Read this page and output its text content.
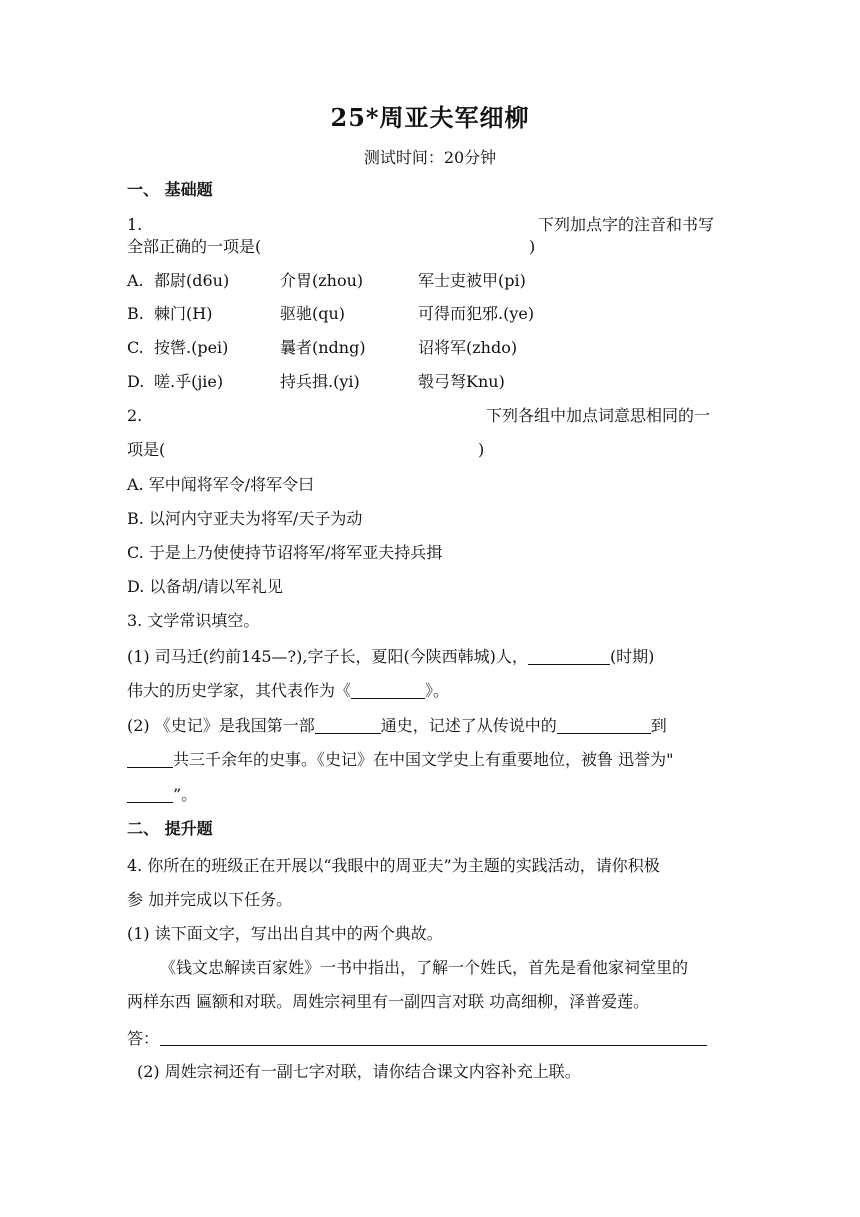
25*周亚夫军细柳
测试时间：20分钟
一、 基础题
1.	下列加点字的注音和书写
全部正确的一项是(	)
A. 都尉(d6u)	介胃(zhou)	军士吏被甲(pi)
B. 棘门(H)	驱驰(qu)	可得而犯邪.(ye)
C. 按辔.(pei)	曩者(ndng)	诏将军(zhdo)
D. 嗟.乎(jie)	持兵揖.(yi)	彀弓弩Knu)
2.	下列各组中加点词意思相同的一
项是(	)
A. 军中闻将军令/将军令曰
B. 以河内守亚夫为将军/天子为动
C. 于是上乃使使持节诏将军/将军亚夫持兵揖
D. 以备胡/请以军礼见
3. 文学常识填空。
(1) 司马迁(约前145—?),字子长，夏阳(今陕西韩城)人，	(时期)
伟大的历史学家，其代表作为《	》。
(2) 《史记》是我国第一部	通史，记述了从传说中的	到
共三千余年的史事。《史记》在中国文学史上有重要地位，被鲁 迅誉为"
”。
二、 提升题
4. 你所在的班级正在开展以“我眼中的周亚夫”为主题的实践活动，请你积极
参 加并完成以下任务。
(1) 读下面文字，写出出自其中的两个典故。
《钱文忠解读百家姓》一书中指出，了解一个姓氏，首先是看他家祠堂里的
两样东西 匾额和对联。周姓宗祠里有一副四言对联 功高细柳，泽普爱莲。
答：
(2) 周姓宗祠还有一副七字对联，请你结合课文内容补充上联。
